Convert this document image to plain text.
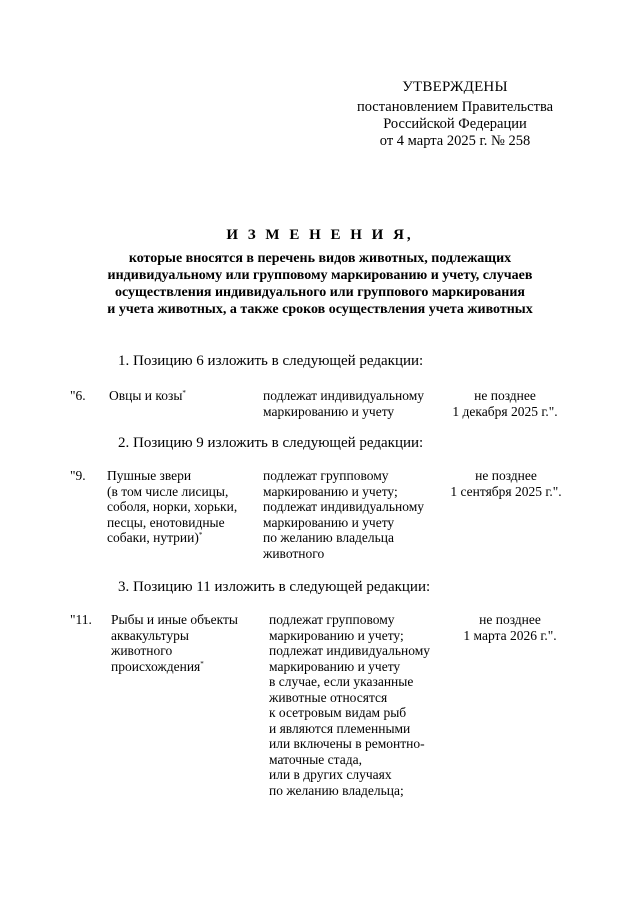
УТВЕРЖДЕНЫ
постановлением Правительства
Российской Федерации
от 4 марта 2025 г. № 258
И З М Е Н Е Н И Я,
которые вносятся в перечень видов животных, подлежащих
индивидуальному или групповому маркированию и учету, случаев
осуществления индивидуального или группового маркирования
и учета животных, а также сроков осуществления учета животных
1. Позицию 6 изложить в следующей редакции:
"6. Овцы и козы*	подлежат индивидуальному
маркированию и учету
не позднее
1 декабря 2025 г.".
2. Позицию 9 изложить в следующей редакции:
"9. Пушные звери
(в том числе лисицы,
соболя, норки, хорьки,
песцы, енотовидные
собаки, нутрии)*
подлежат групповому
маркированию и учету;
подлежат индивидуальному
маркированию и учету
по желанию владельца
животного
не позднее
1 сентября 2025 г.".
3. Позицию 11 изложить в следующей редакции:
"11. Рыбы и иные объекты
аквакультуры
животного
происхождения*
подлежат групповому
маркированию и учету;
подлежат индивидуальному
маркированию и учету
в случае, если указанные
животные относятся
к осетровым видам рыб
и являются племенными
или включены в ремонтно-
маточные стада,
или в других случаях
по желанию владельца;
не позднее
1 марта 2026 г.".
